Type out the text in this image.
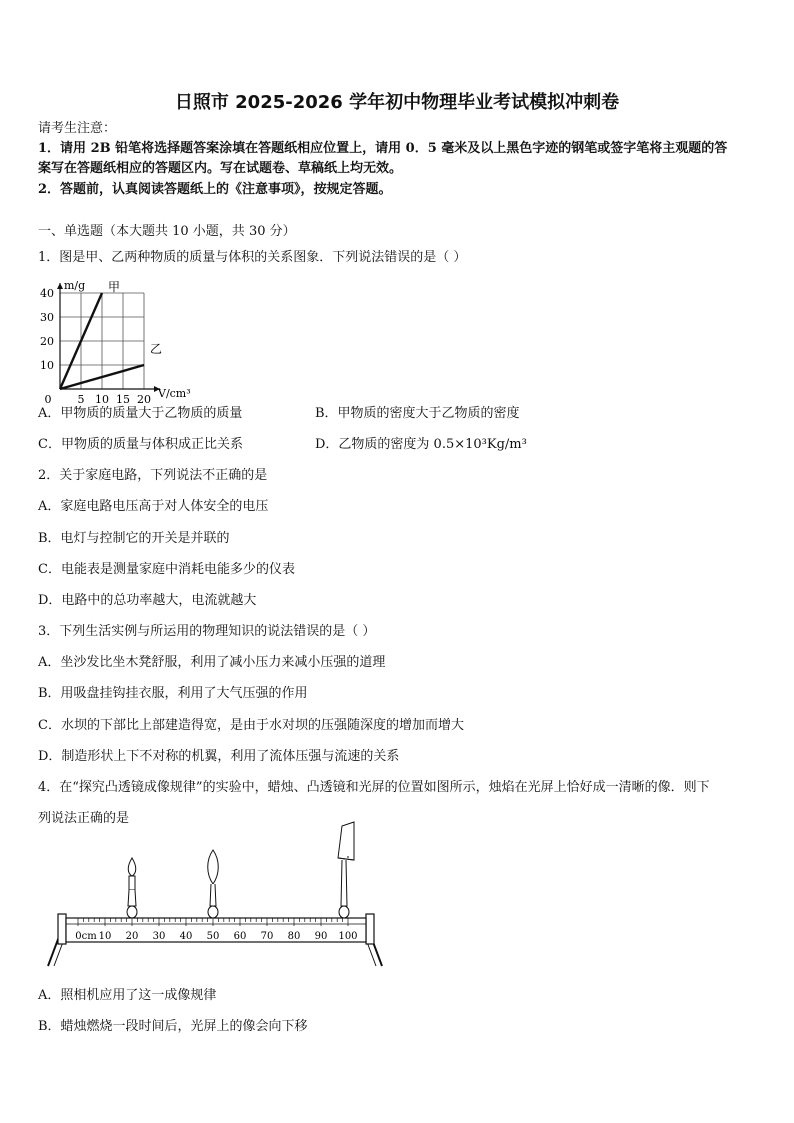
日照市 2025-2026 学年初中物理毕业考试模拟冲刺卷
请考生注意：
1．请用 2B 铅笔将选择题答案涂填在答题纸相应位置上，请用 0．5 毫米及以上黑色字迹的钢笔或签字笔将主观题的答
案写在答题纸相应的答题区内。写在试题卷、草稿纸上均无效。
2．答题前，认真阅读答题纸上的《注意事项》，按规定答题。
一、单选题（本大题共 10 小题，共 30 分）
1．图是甲、乙两种物质的质量与体积的关系图象．下列说法错误的是（ ）
甲
乙
0 5 10 15 20
10
20
30
40
m/g
V/cm³
A．甲物质的质量大于乙物质的质量	B．甲物质的密度大于乙物质的密度
C．甲物质的质量与体积成正比关系	D．乙物质的密度为 0.5×10³Kg/m³
2．关于家庭电路，下列说法不正确的是
A．家庭电路电压高于对人体安全的电压
B．电灯与控制它的开关是并联的
C．电能表是测量家庭中消耗电能多少的仪表
D．电路中的总功率越大，电流就越大
3．下列生活实例与所运用的物理知识的说法错误的是（ ）
A．坐沙发比坐木凳舒服，利用了减小压力来减小压强的道理
B．用吸盘挂钩挂衣服，利用了大气压强的作用
C．水坝的下部比上部建造得宽，是由于水对坝的压强随深度的增加而增大
D．制造形状上下不对称的机翼，利用了流体压强与流速的关系
4．在“探究凸透镜成像规律”的实验中，蜡烛、凸透镜和光屏的位置如图所示，烛焰在光屏上恰好成一清晰的像．则下
列说法正确的是
0cm 10 20 30 40 50 60 70 80 90 100
A．照相机应用了这一成像规律
B．蜡烛燃烧一段时间后，光屏上的像会向下移
